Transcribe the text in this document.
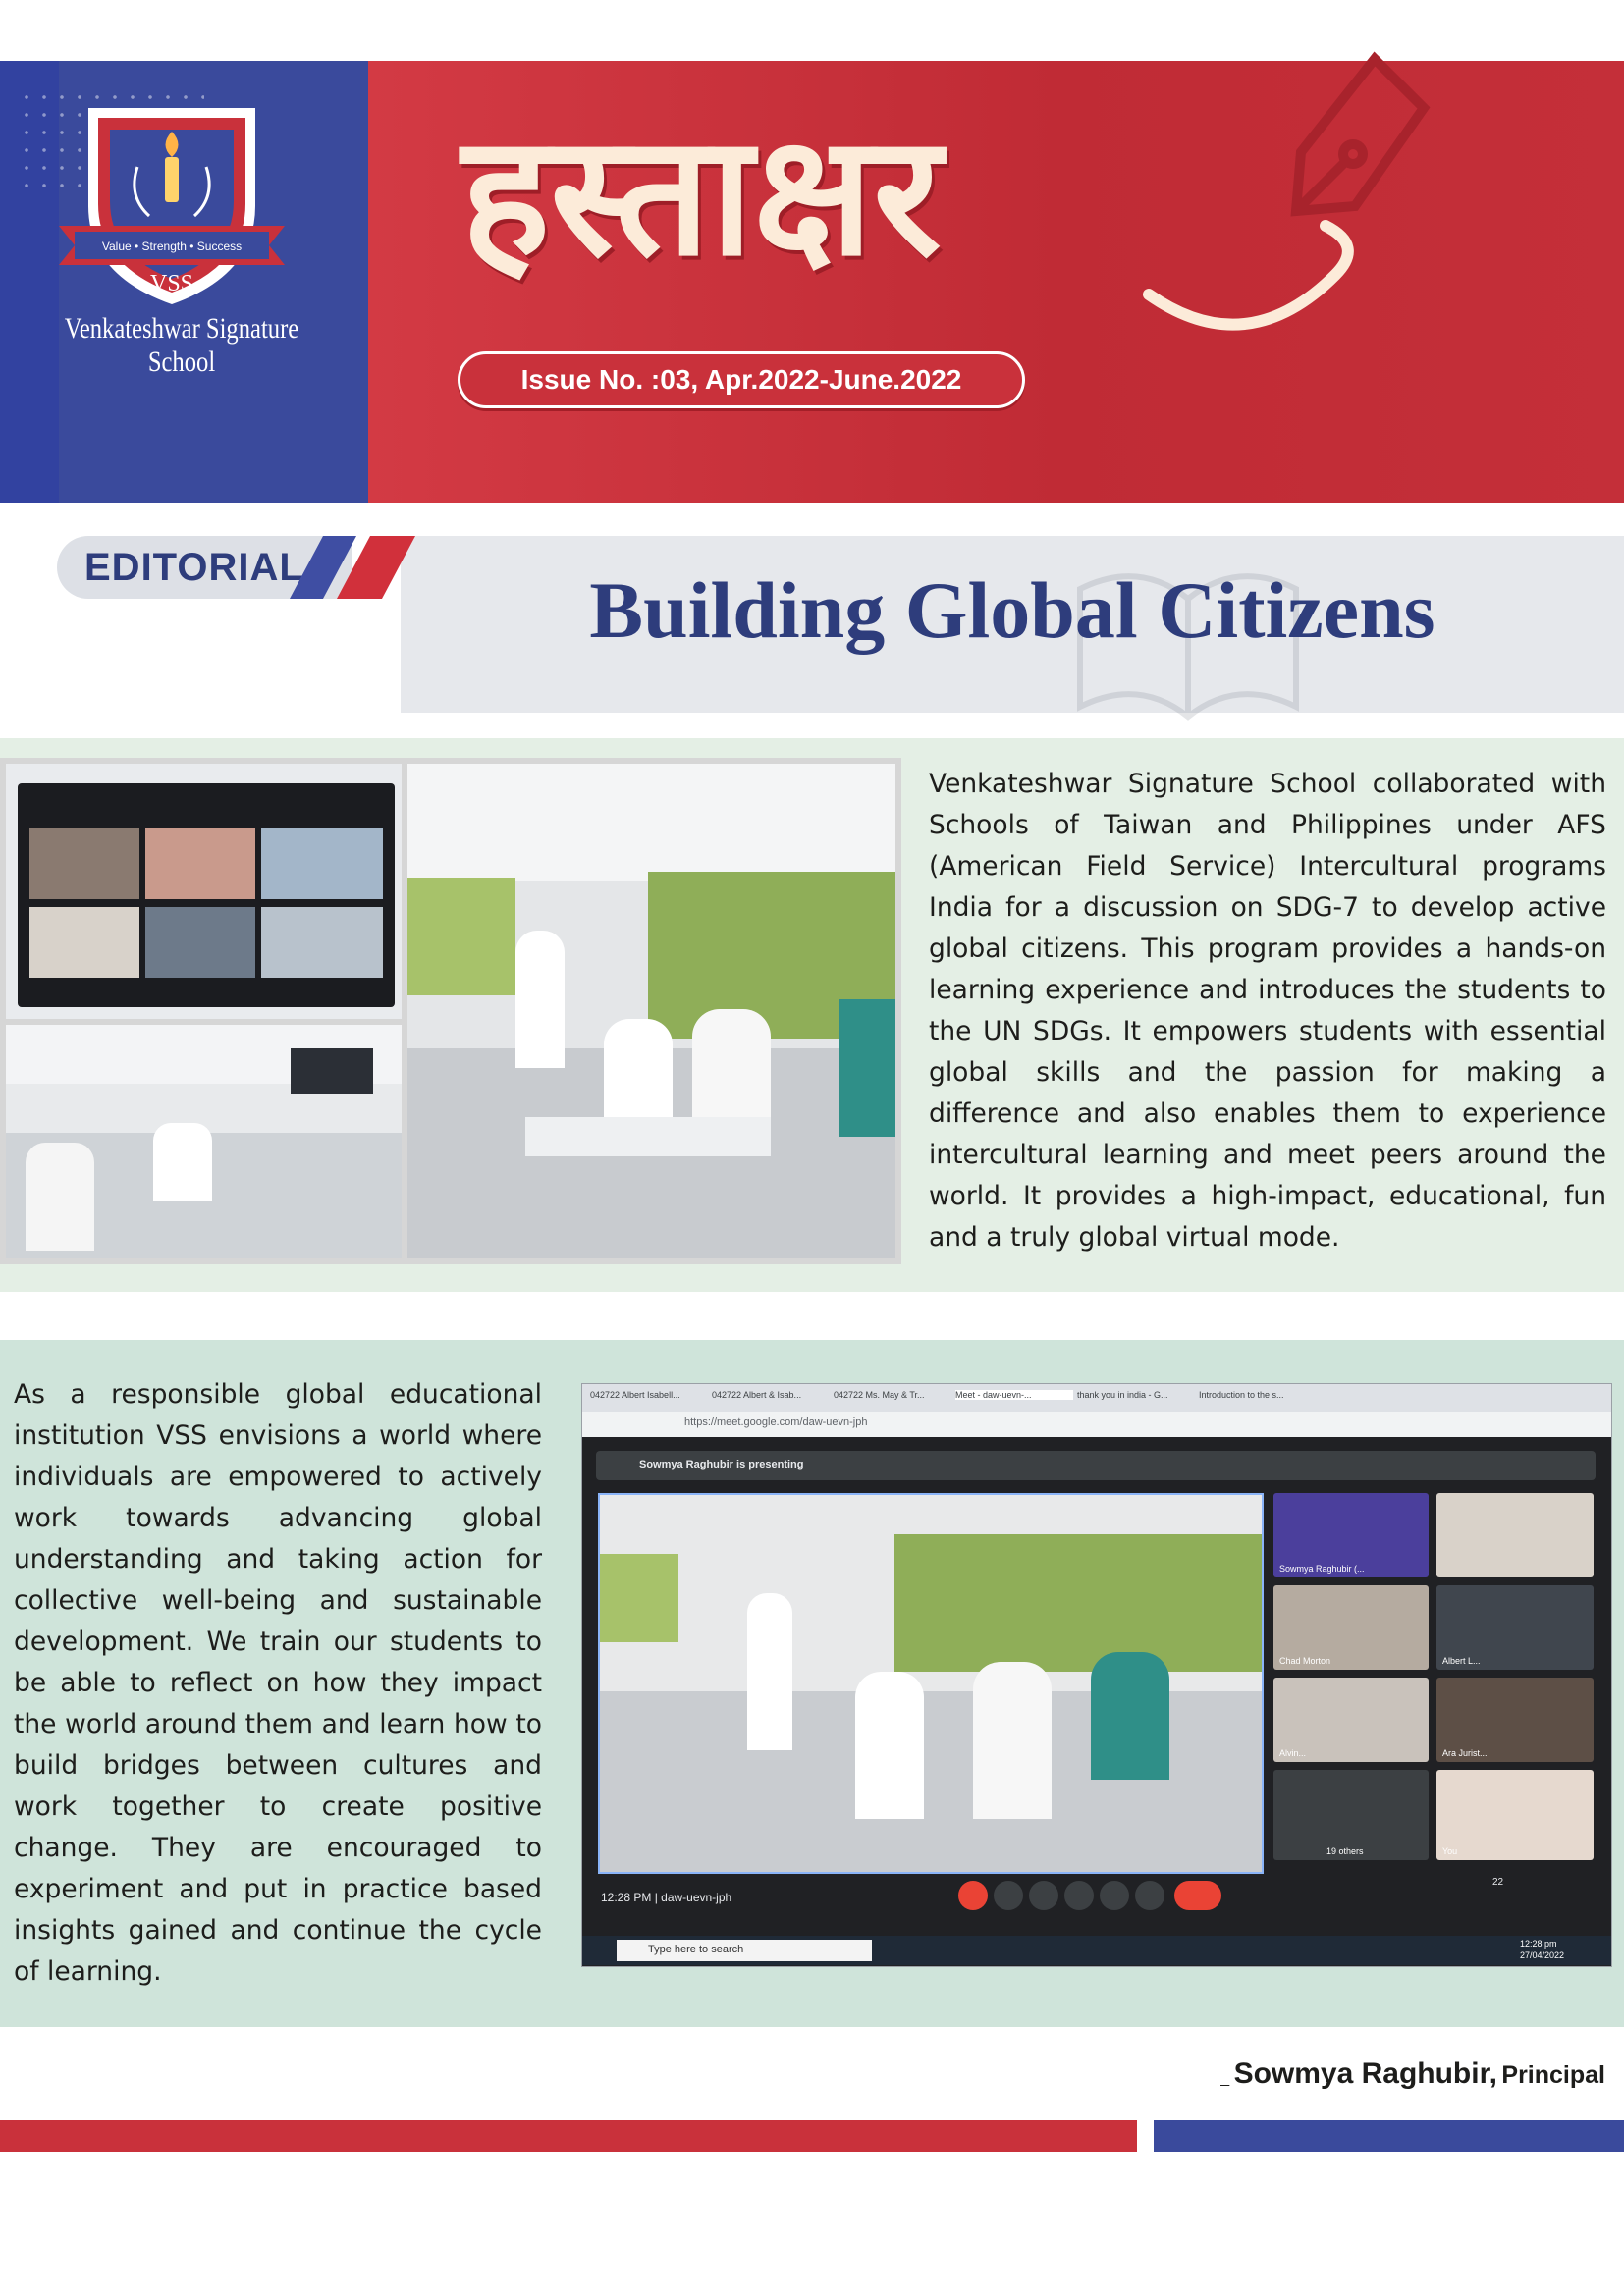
Value • Strength • Success
VSS
Venkateshwar Signature School
हस्ताक्षर
Issue No. :03, Apr.2022-June.2022
EDITORIAL	Building Global Citizens
Venkateshwar Signature School collaborated with Schools of Taiwan and Philippines under AFS (American Field Service) Intercultural programs India for a discussion on SDG-7 to develop active global citizens. This program provides a hands-on learning experience and introduces the students to the UN SDGs. It empowers students with essential global skills and the passion for making a difference and also enables them to experience intercultural learning and meet peers around the world. It provides a high-impact, educational, fun and a truly global virtual mode.
As a responsible global educational institution VSS envisions a world where individuals are empowered to actively work towards advancing global understanding and taking action for collective well-being and sustainable development. We train our students to be able to reflect on how they impact the world around them and learn how to build bridges between cultures and work together to create positive change. They are encouraged to experiment and put in practice based insights gained and continue the cycle of learning.
042722 Albert Isabell...	042722 Albert & Isab...	042722 Ms. May & Tr...	Meet - daw-uevn-...	thank you in india - G...	Introduction to the s...
https://meet.google.com/daw-uevn-jph
Sowmya Raghubir is presenting
Sowmya Raghubir (...
Chad Morton	Albert L...
Alvin...	Ara Jurist...
19 others	You
12:28 PM | daw-uevn-jph
22
Type here to search	12:28 pm 27/04/2022
_ Sowmya Raghubir, Principal
